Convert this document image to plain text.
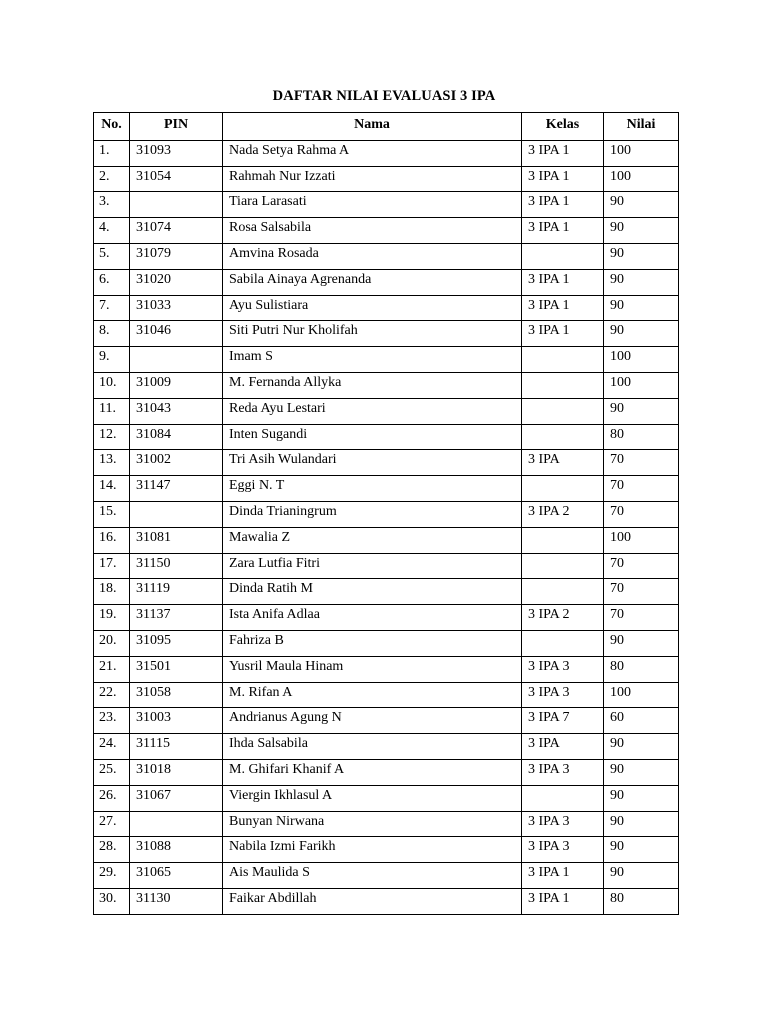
DAFTAR NILAI EVALUASI 3 IPA
No.	PIN	Nama	Kelas	Nilai
1.	31093	Nada Setya Rahma A	3 IPA 1	100
2.	31054	Rahmah Nur Izzati	3 IPA 1	100
3.		Tiara Larasati	3 IPA 1	90
4.	31074	Rosa Salsabila	3 IPA 1	90
5.	31079	Amvina Rosada		90
6.	31020	Sabila Ainaya Agrenanda	3 IPA 1	90
7.	31033	Ayu Sulistiara	3 IPA 1	90
8.	31046	Siti Putri Nur Kholifah	3 IPA 1	90
9.		Imam S		100
10.	31009	M. Fernanda Allyka		100
11.	31043	Reda Ayu Lestari		90
12.	31084	Inten Sugandi		80
13.	31002	Tri Asih Wulandari	3 IPA	70
14.	31147	Eggi N. T		70
15.		Dinda Trianingrum	3 IPA 2	70
16.	31081	Mawalia Z		100
17.	31150	Zara Lutfia Fitri		70
18.	31119	Dinda Ratih M		70
19.	31137	Ista Anifa Adlaa	3 IPA 2	70
20.	31095	Fahriza B		90
21.	31501	Yusril Maula Hinam	3 IPA 3	80
22.	31058	M. Rifan A	3 IPA 3	100
23.	31003	Andrianus Agung N	3 IPA 7	60
24.	31115	Ihda Salsabila	3 IPA	90
25.	31018	M. Ghifari Khanif A	3 IPA 3	90
26.	31067	Viergin Ikhlasul A		90
27.		Bunyan Nirwana	3 IPA 3	90
28.	31088	Nabila Izmi Farikh	3 IPA 3	90
29.	31065	Ais Maulida S	3 IPA 1	90
30.	31130	Faikar Abdillah	3 IPA 1	80
